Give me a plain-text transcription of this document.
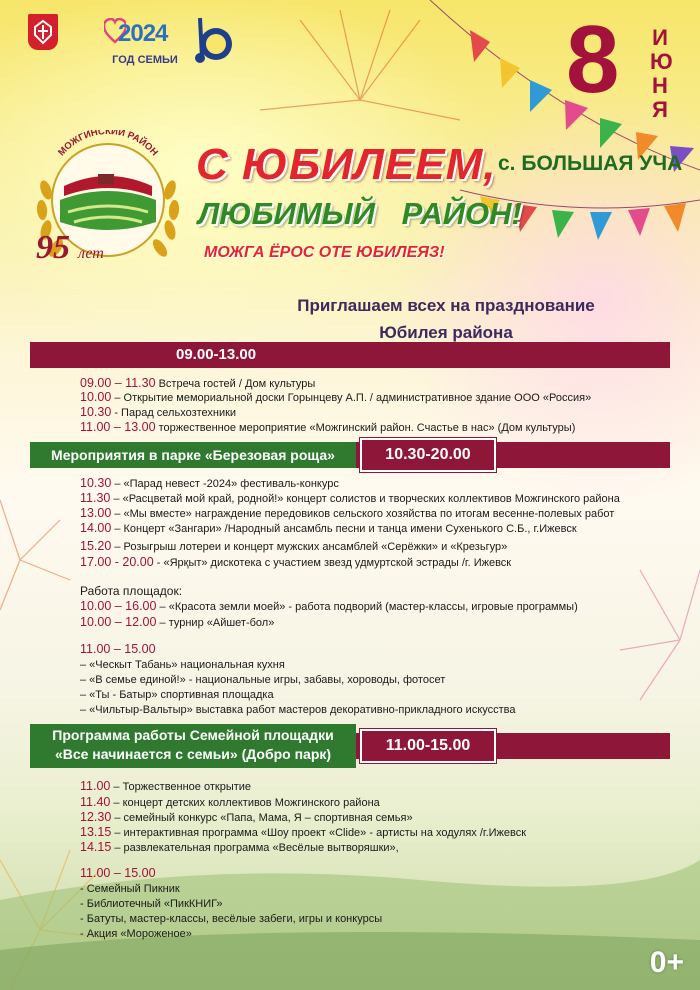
2024
ГОД СЕМЬИ	8 И
Ю
Н
Я
с. БОЛЬШАЯ УЧА
МОЖГИНСКИЙ РАЙОН
95 лет
С ЮБИЛЕЕМ,
ЛЮБИМЫЙ РАЙОН!
МОЖГА ЁРОС ОТЕ ЮБИЛЕЯЗ!
Приглашаем всех на празднование
Юбилея района
09.00-13.00
09.00 – 11.30 Встреча гостей / Дом культуры
10.00 – Открытие мемориальной доски Горынцеву А.П. / административное здание ООО «Россия»
10.30 - Парад сельхозтехники
11.00 – 13.00 торжественное мероприятие «Можгинский район. Счастье в нас» (Дом культуры)
Мероприятия в парке «Березовая роща»	10.30-20.00
10.30 – «Парад невест -2024» фестиваль-конкурс
11.30 – «Расцветай мой край, родной!» концерт солистов и творческих коллективов Можгинского района
13.00 – «Мы вместе» награждение передовиков сельского хозяйства по итогам весенне-полевых работ
14.00 – Концерт «Зангари» /Народный ансамбль песни и танца имени Сухенького С.Б., г.Ижевск
15.20 – Розыгрыш лотереи и концерт мужских ансамблей «Серёжки» и «Крезьгур»
17.00 - 20.00 - «Ярқыт» дискотека с участием звезд удмуртской эстрады /г. Ижевск
Работа площадок:
10.00 – 16.00 – «Красота земли моей» - работа подворий (мастер-классы, игровые программы)
10.00 – 12.00 – турнир «Айшет-бол»
11.00 – 15.00
– «Ческыт Табань» национальная кухня
– «В семье единой!» - национальные игры, забавы, хороводы, фотосет
– «Ты - Батыр» спортивная площадка
– «Чильтыр-Вальтыр» выставка работ мастеров декоративно-прикладного искусства
Программа работы Семейной площадки
«Все начинается с семьи» (Добро парк)	11.00-15.00
11.00 – Торжественное открытие
11.40 – концерт детских коллективов Можгинского района
12.30 – семейный конкурс «Папа, Мама, Я – спортивная семья»
13.15 – интерактивная программа «Шоу проект «Clide» - артисты на ходулях /г.Ижевск
14.15 – развлекательная программа «Весёлые вытворяшки»,
11.00 – 15.00
- Семейный Пикник
- Библиотечный «ПикКНИГ»
- Батуты, мастер-классы, весёлые забеги, игры и конкурсы
- Акция «Мороженое»
0+
